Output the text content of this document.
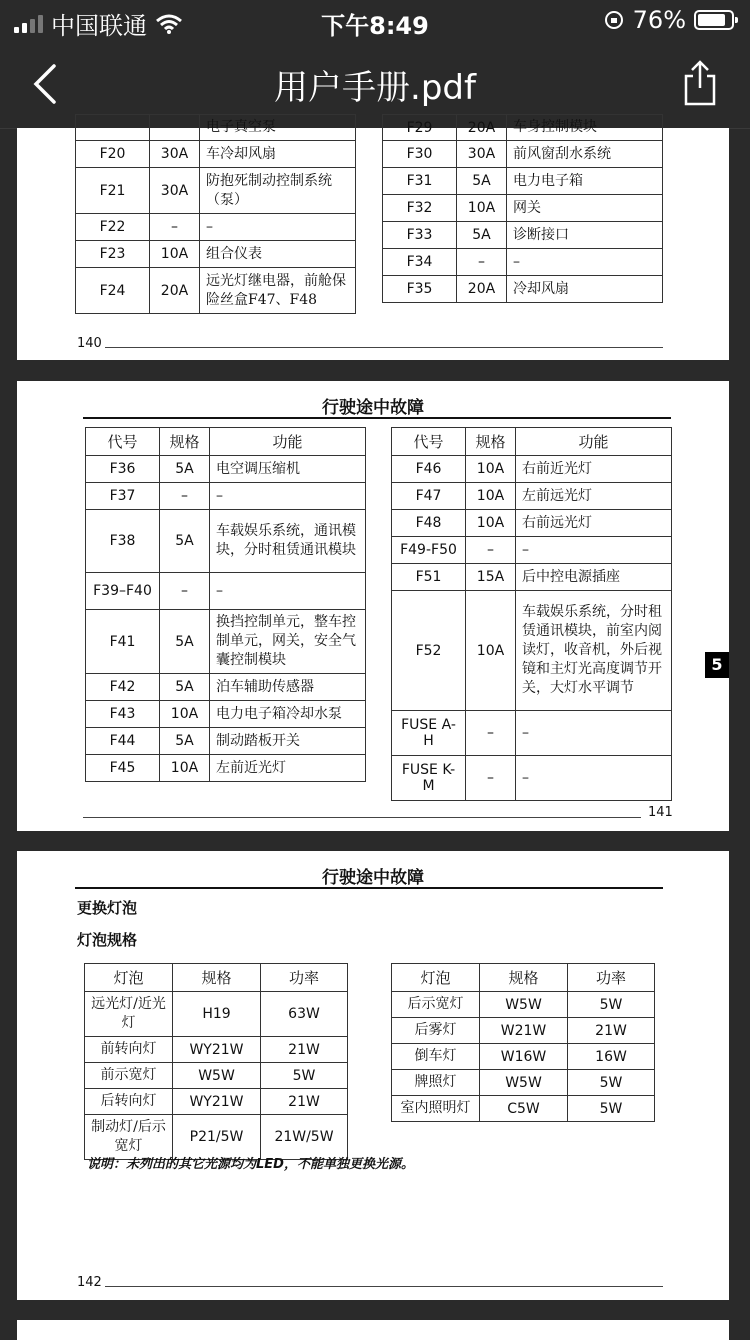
中国联通	下午8:49	76%
用户手册.pdf
		电子真空泵
F20	30A	车冷却风扇
F21	30A	防抱死制动控制系统（泵）
F22	–	–
F23	10A	组合仪表
F24	20A	远光灯继电器，前舱保险丝盒F47、F48
F29	20A	车身控制模块
F30	30A	前风窗刮水系统
F31	5A	电力电子箱
F32	10A	网关
F33	5A	诊断接口
F34	–	–
F35	20A	冷却风扇
140
行驶途中故障
代号	规格	功能
F36	5A	电空调压缩机
F37	–	–
F38	5A	车载娱乐系统，通讯模块，分时租赁通讯模块
F39–F40	–	–
F41	5A	换挡控制单元，整车控制单元，网关，安全气囊控制模块
F42	5A	泊车辅助传感器
F43	10A	电力电子箱冷却水泵
F44	5A	制动踏板开关
F45	10A	左前近光灯
代号	规格	功能
F46	10A	右前近光灯
F47	10A	左前远光灯
F48	10A	右前远光灯
F49-F50	–	–
F51	15A	后中控电源插座
F52	10A	车载娱乐系统，分时租赁通讯模块，前室内阅读灯，收音机，外后视镜和主灯光高度调节开关，大灯水平调节
FUSE A-H	–	–
FUSE K-M	–	–
5
141
行驶途中故障
更换灯泡
灯泡规格
灯泡	规格	功率
远光灯/近光灯	H19	63W
前转向灯	WY21W	21W
前示宽灯	W5W	5W
后转向灯	WY21W	21W
制动灯/后示宽灯	P21/5W	21W/5W
灯泡	规格	功率
后示宽灯	W5W	5W
后雾灯	W21W	21W
倒车灯	W16W	16W
牌照灯	W5W	5W
室内照明灯	C5W	5W
说明：未列出的其它光源均为LED，不能单独更换光源。
142
